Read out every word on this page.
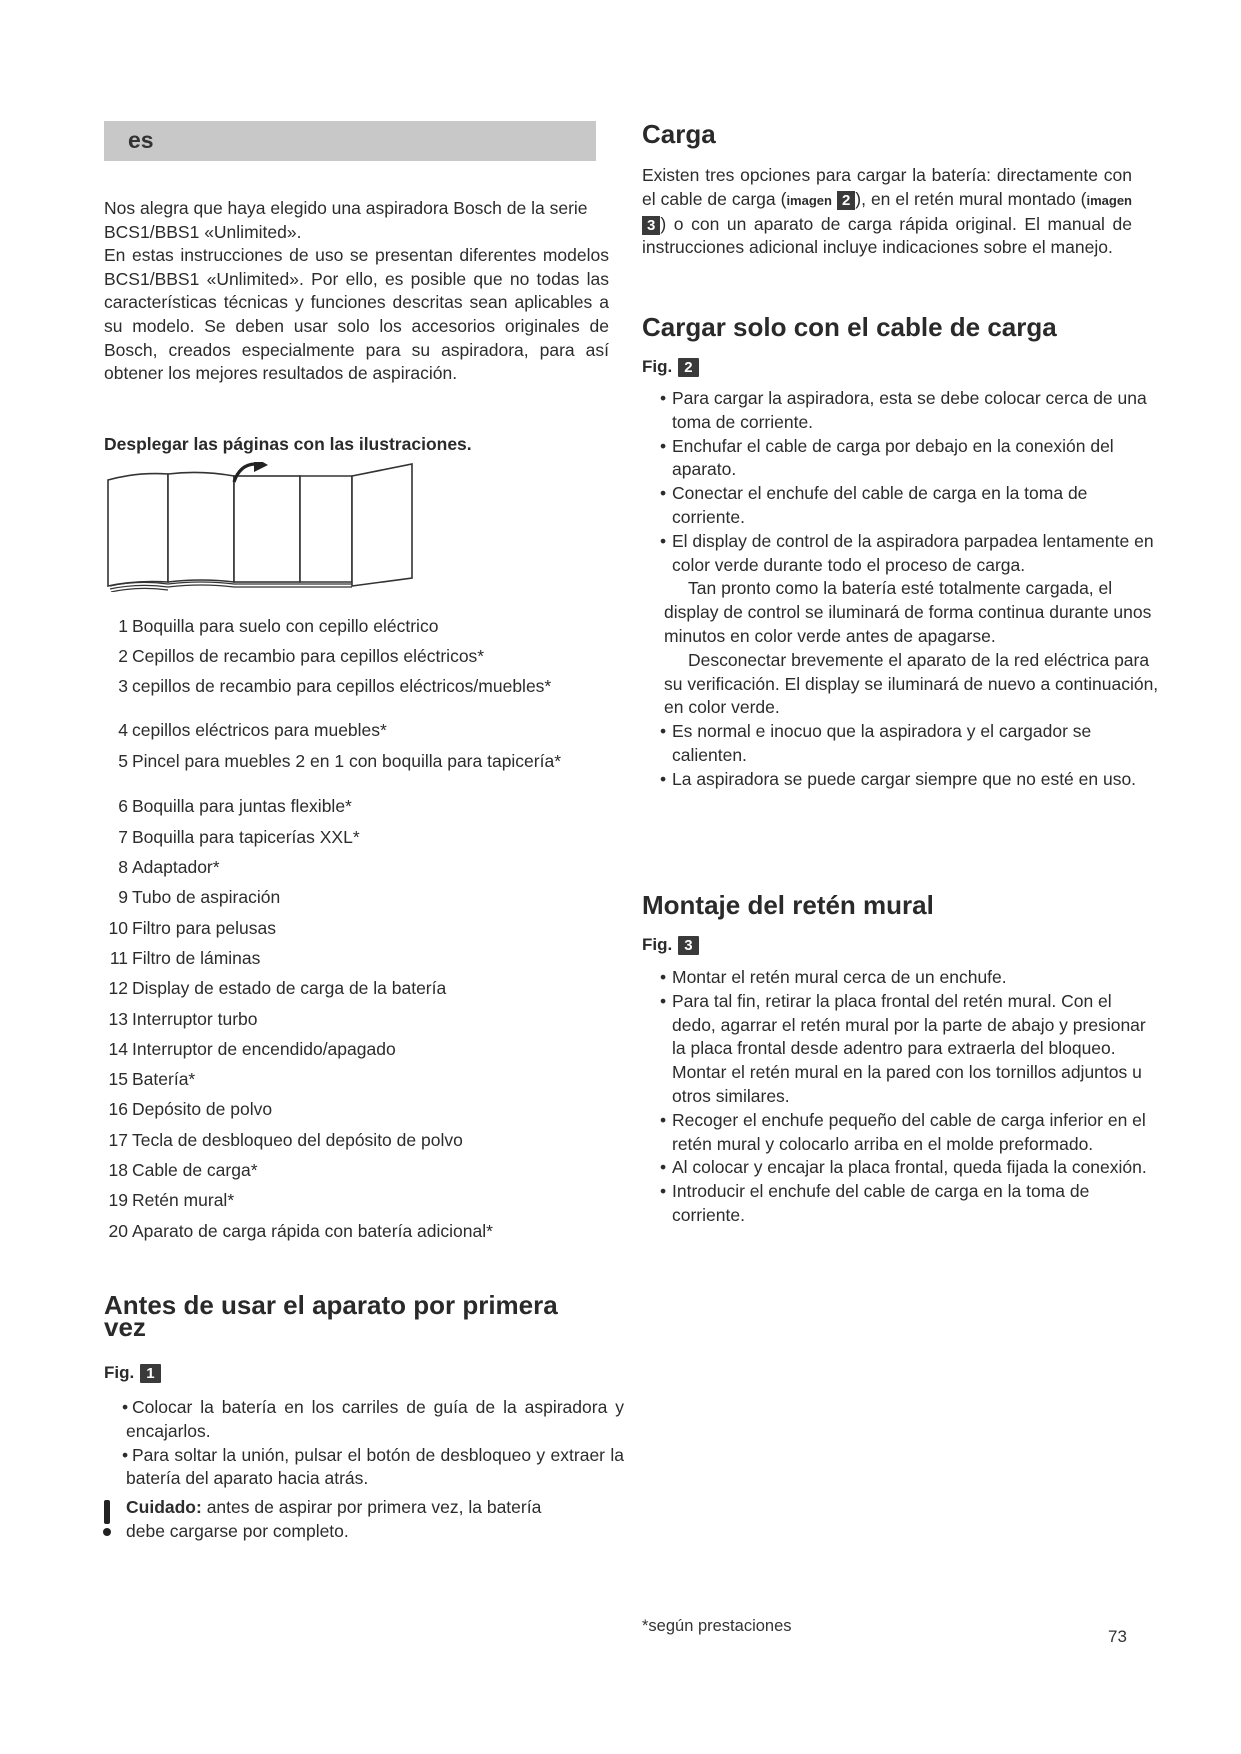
es

Nos alegra que haya elegido una aspiradora Bosch de la serie BCS1/BBS1 «Unlimited».

En estas instrucciones de uso se presentan diferentes modelos BCS1/BBS1 «Unlimited». Por ello, es posible que no todas las características técnicas y funciones descritas sean aplicables a su modelo. Se deben usar solo los accesorios originales de Bosch, creados especialmente para su aspiradora, para así obtener los mejores resultados de aspiración.

Desplegar las páginas con las ilustraciones.
1 Boquilla para suelo con cepillo eléctrico
2 Cepillos de recambio para cepillos eléctricos*
3 cepillos de recambio para cepillos eléctricos/muebles*
4 cepillos eléctricos para muebles*
5 Pincel para muebles 2 en 1 con boquilla para tapicería*
6 Boquilla para juntas flexible*
7 Boquilla para tapicerías XXL*
8 Adaptador*
9 Tubo de aspiración
10 Filtro para pelusas
11 Filtro de láminas
12 Display de estado de carga de la batería
13 Interruptor turbo
14 Interruptor de encendido/apagado
15 Batería*
16 Depósito de polvo
17 Tecla de desbloqueo del depósito de polvo
18 Cable de carga*
19 Retén mural*
20 Aparato de carga rápida con batería adicional*
Antes de usar el aparato por primera vez
Fig. 1
• Colocar la batería en los carriles de guía de la aspiradora y encajarlos.
• Para soltar la unión, pulsar el botón de desbloqueo y extraer la batería del aparato hacia atrás.
Cuidado: antes de aspirar por primera vez, la batería debe cargarse por completo.
Carga
Existen tres opciones para cargar la batería: directamente con el cable de carga (imagen 2 ), en el retén mural montado (imagen 3 ) o con un aparato de carga rápida original. El manual de instrucciones adicional incluye indicaciones sobre el manejo.
Cargar solo con el cable de carga
Fig. 2
• Para cargar la aspiradora, esta se debe colocar cerca de una toma de corriente.
• Enchufar el cable de carga por debajo en la conexión del aparato.
• Conectar el enchufe del cable de carga en la toma de corriente.
• El display de control de la aspiradora parpadea lentamente en color verde durante todo el proceso de carga.
Tan pronto como la batería esté totalmente cargada, el display de control se iluminará de forma continua durante unos minutos en color verde antes de apagarse.
Desconectar brevemente el aparato de la red eléctrica para su verificación. El display se iluminará de nuevo a continuación, en color verde.
• Es normal e inocuo que la aspiradora y el cargador se calienten.
• La aspiradora se puede cargar siempre que no esté en uso.
Montaje del retén mural
Fig. 3
• Montar el retén mural cerca de un enchufe.
• Para tal fin, retirar la placa frontal del retén mural. Con el dedo, agarrar el retén mural por la parte de abajo y presionar la placa frontal desde adentro para extraerla del bloqueo. Montar el retén mural en la pared con los tornillos adjuntos u otros similares.
• Recoger el enchufe pequeño del cable de carga inferior en el retén mural y colocarlo arriba en el molde preformado.
• Al colocar y encajar la placa frontal, queda fijada la conexión.
• Introducir el enchufe del cable de carga en la toma de corriente.
*según prestaciones
73
